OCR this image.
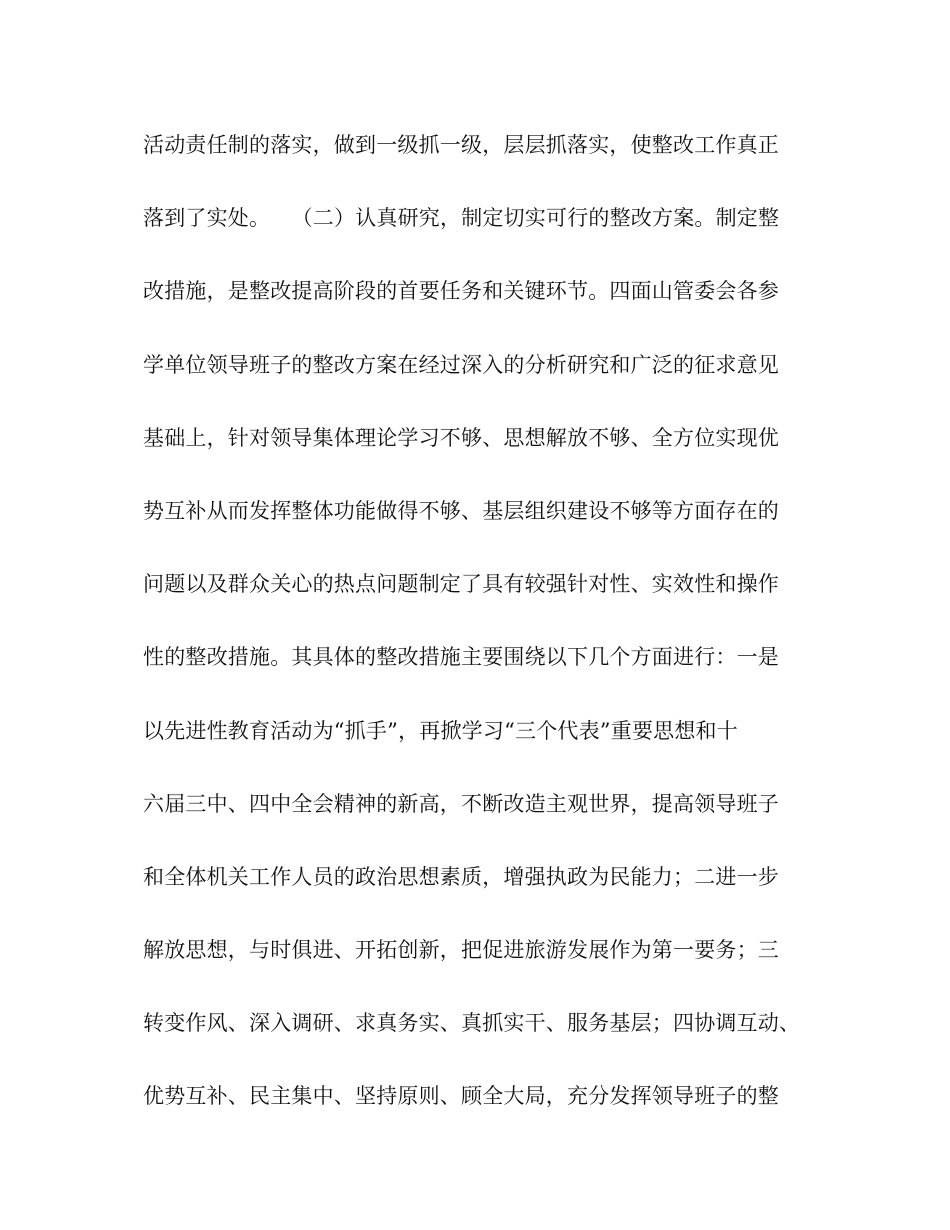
活动责任制的落实，做到一级抓一级，层层抓落实，使整改工作真正
落到了实处。　　（二）认真研究，制定切实可行的整改方案。制定整
改措施，是整改提高阶段的首要任务和关键环节。四面山管委会各参
学单位领导班子的整改方案在经过深入的分析研究和广泛的征求意见
基础上，针对领导集体理论学习不够、思想解放不够、全方位实现优
势互补从而发挥整体功能做得不够、基层组织建设不够等方面存在的
问题以及群众关心的热点问题制定了具有较强针对性、实效性和操作
性的整改措施。其具体的整改措施主要围绕以下几个方面进行：一是
以先进性教育活动为“抓手”，再掀学习“三个代表”重要思想和十
六届三中、四中全会精神的新高，不断改造主观世界，提高领导班子
和全体机关工作人员的政治思想素质，增强执政为民能力；二进一步
解放思想，与时俱进、开拓创新，把促进旅游发展作为第一要务；三
转变作风、深入调研、求真务实、真抓实干、服务基层；四协调互动、
优势互补、民主集中、坚持原则、顾全大局，充分发挥领导班子的整
